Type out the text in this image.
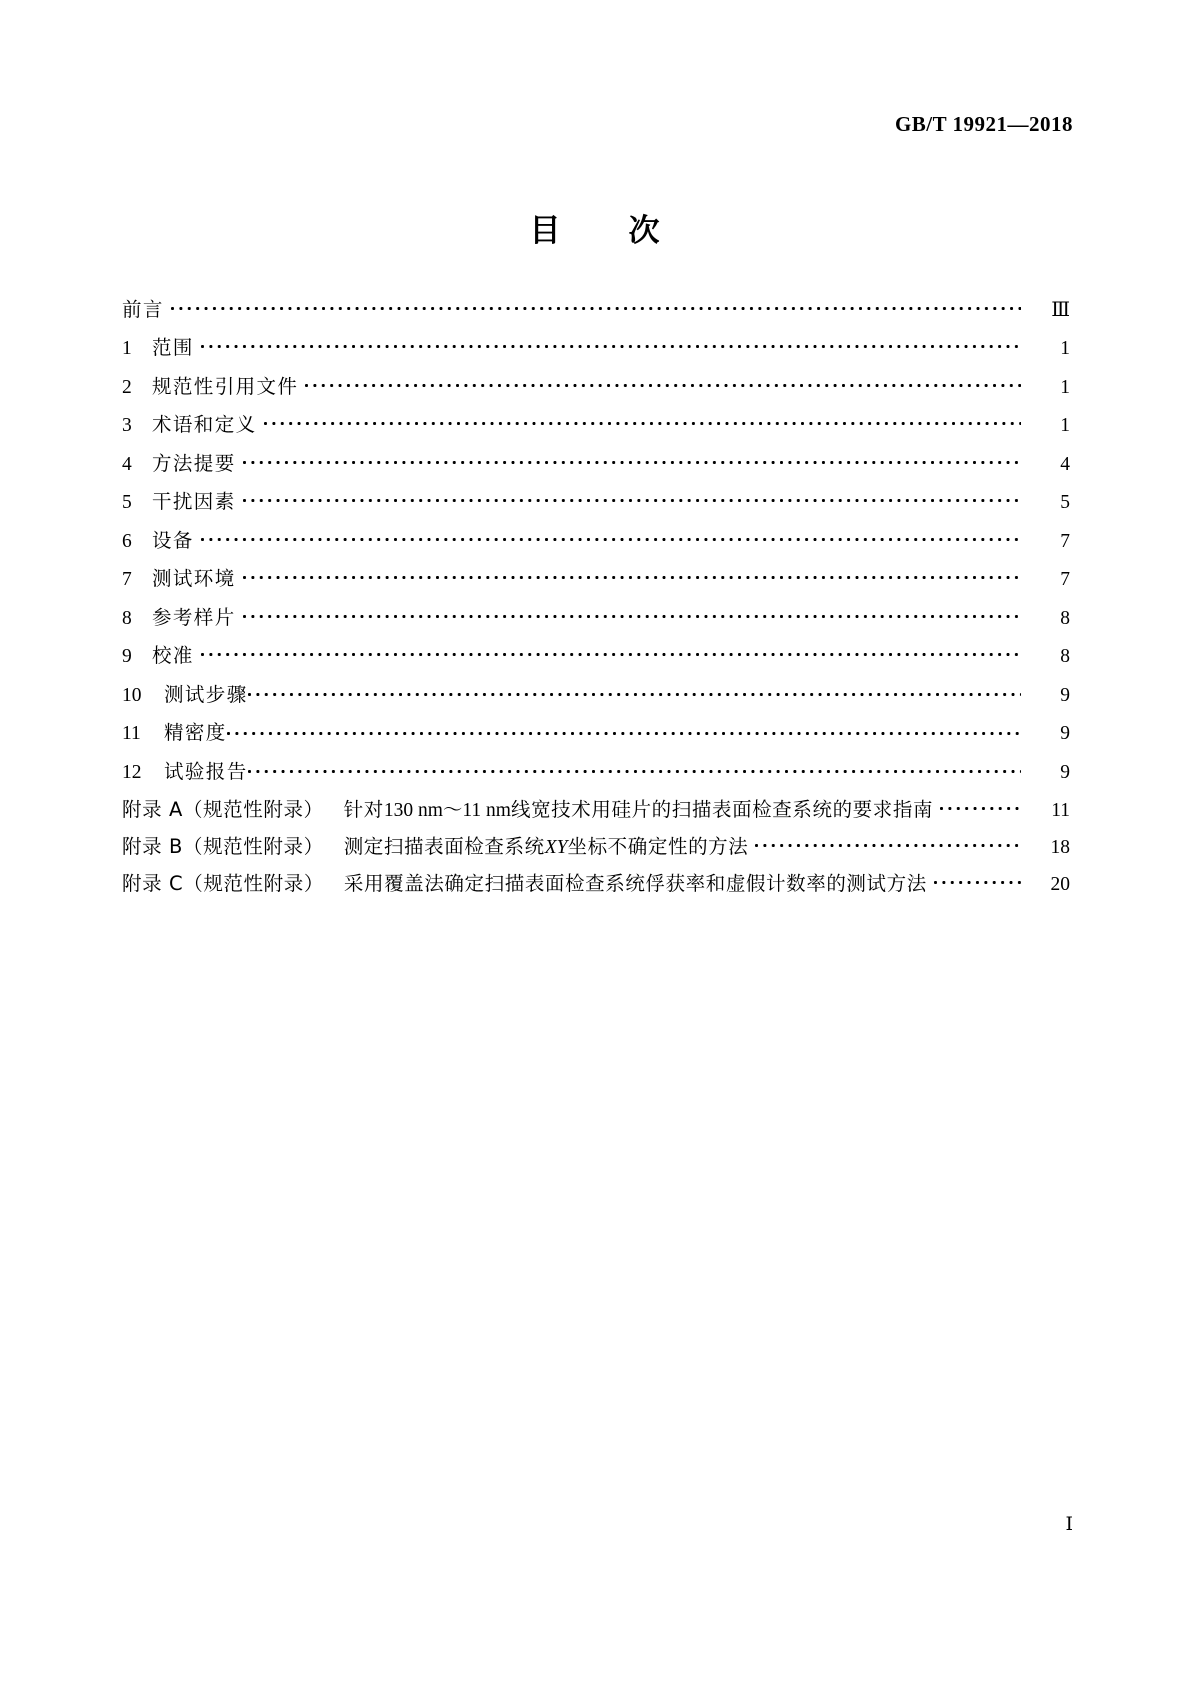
GB/T 19921—2018
目　　次
前言	Ⅲ
1	范围	1
2	规范性引用文件	1
3	术语和定义	1
4	方法提要	4
5	干扰因素	5
6	设备	7
7	测试环境	7
8	参考样片	8
9	校准	8
10	测试步骤	9
11	精密度	9
12	试验报告	9
附录 A（规范性附录） 针对 130 nm～11 nm 线宽技术用硅片的扫描表面检查系统的要求指南	11
附录 B（规范性附录） 测定扫描表面检查系统 XY 坐标不确定性的方法	18
附录 C（规范性附录） 采用覆盖法确定扫描表面检查系统俘获率和虚假计数率的测试方法	20
Ⅰ
